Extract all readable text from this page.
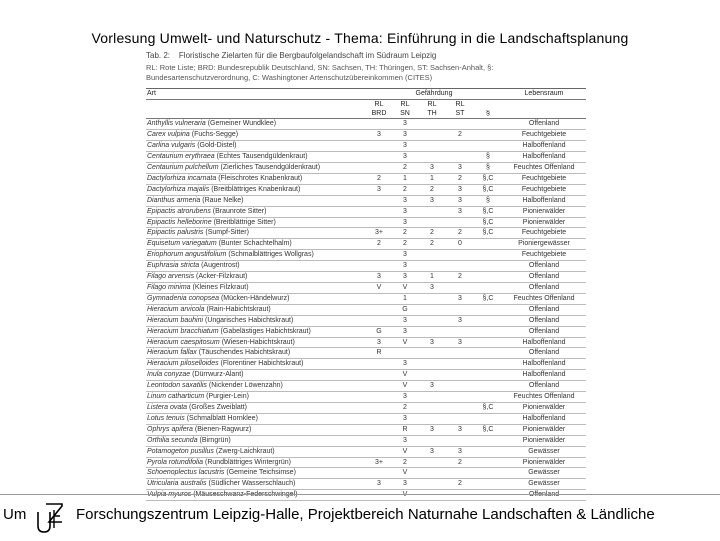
Vorlesung Umwelt- und Naturschutz - Thema: Einführung in die Landschaftsplanung
Tab. 2: Floristische Zielarten für die Bergbaufolgelandschaft im Südraum Leipzig
RL: Rote Liste; BRD: Bundesrepublik Deutschland, SN: Sachsen, TH: Thüringen, ST: Sachsen-Anhalt, §: Bundesartenschutzverordnung, C: Washingtoner Artenschutzübereinkommen (CITES)
Art	Gefährdung					Lebensraum
	RL	RL	RL	RL		
	BRD	SN	TH	ST	§	
Anthyllis vulneraria (Gemeiner Wundklee)		3				Offenland
Carex vulpina (Fuchs-Segge)	3	3		2		Feuchtgebiete
Carlina vulgaris (Gold-Distel)		3				Halboffenland
Centaurium erythraea (Echtes Tausendgüldenkraut)		3			§	Halboffenland
Centaurium pulchellum (Zierliches Tausendgüldenkraut)		2	3	3	§	Feuchtes Offenland
Dactylorhiza incarnata (Fleischrotes Knabenkraut)	2	1	1	2	§,C	Feuchtgebiete
Dactylorhiza majalis (Breitblättriges Knabenkraut)	3	2	2	3	§,C	Feuchtgebiete
Dianthus armeria (Raue Nelke)		3	3	3	§	Halboffenland
Epipactis atrorubens (Braunrote Sitter)		3		3	§,C	Pionierwälder
Epipactis helleborine (Breitblättrige Sitter)		3			§,C	Pionierwälder
Epipactis palustris (Sumpf-Sitter)	3+	2	2	2	§,C	Feuchtgebiete
Equisetum variegatum (Bunter Schachtelhalm)	2	2	2	0		Pioniergewässer
Eriophorum angustifolium (Schmalblättriges Wollgras)		3				Feuchtgebiete
Euphrasia stricta (Augentrost)		3				Offenland
Filago arvensis (Acker-Filzkraut)	3	3	1	2		Offenland
Filago minima (Kleines Filzkraut)	V	V	3			Offenland
Gymnadenia conopsea (Mücken-Händelwurz)		1		3	§,C	Feuchtes Offenland
Hieracium arvicola (Rain-Habichtskraut)		G				Offenland
Hieracium bauhini (Ungarisches Habichtskraut)		3		3		Offenland
Hieracium bracchiatum (Gabelästiges Habichtskraut)	G	3				Offenland
Hieracium caespitosum (Wiesen-Habichtskraut)	3	V	3	3		Halboffenland
Hieracium fallax (Täuschendes Habichtskraut)	R					Offenland
Hieracium piloselloides (Florentiner Habichtskraut)		3				Halboffenland
Inula conyzae (Dürrwurz-Alant)		V				Halboffenland
Leontodon saxatilis (Nickender Löwenzahn)		V	3			Offenland
Linum catharticum (Purgier-Lein)		3				Feuchtes Offenland
Listera ovata (Großes Zweiblatt)		2			§,C	Pionierwälder
Lotus tenuis (Schmalblatt Hornklee)		3				Halboffenland
Ophrys apifera (Bienen-Ragwurz)		R	3	3	§,C	Pionierwälder
Orthilia secunda (Birngrün)		3				Pionierwälder
Potamogeton pusillus (Zwerg-Laichkraut)		V	3	3		Gewässer
Pyrola rotundifolia (Rundblättriges Wintergrün)	3+	2		2		Pionierwälder
Schoenoplectus lacustris (Gemeine Teichsimse)		V				Gewässer
Utricularia australis (Südlicher Wasserschlauch)	3	3		2		Gewässer
Vulpia myuros (Mäuseschwanz-Federschwingel)		V				Offenland
Um	Forschungszentrum Leipzig-Halle, Projektbereich Naturnahe Landschaften & Ländliche
